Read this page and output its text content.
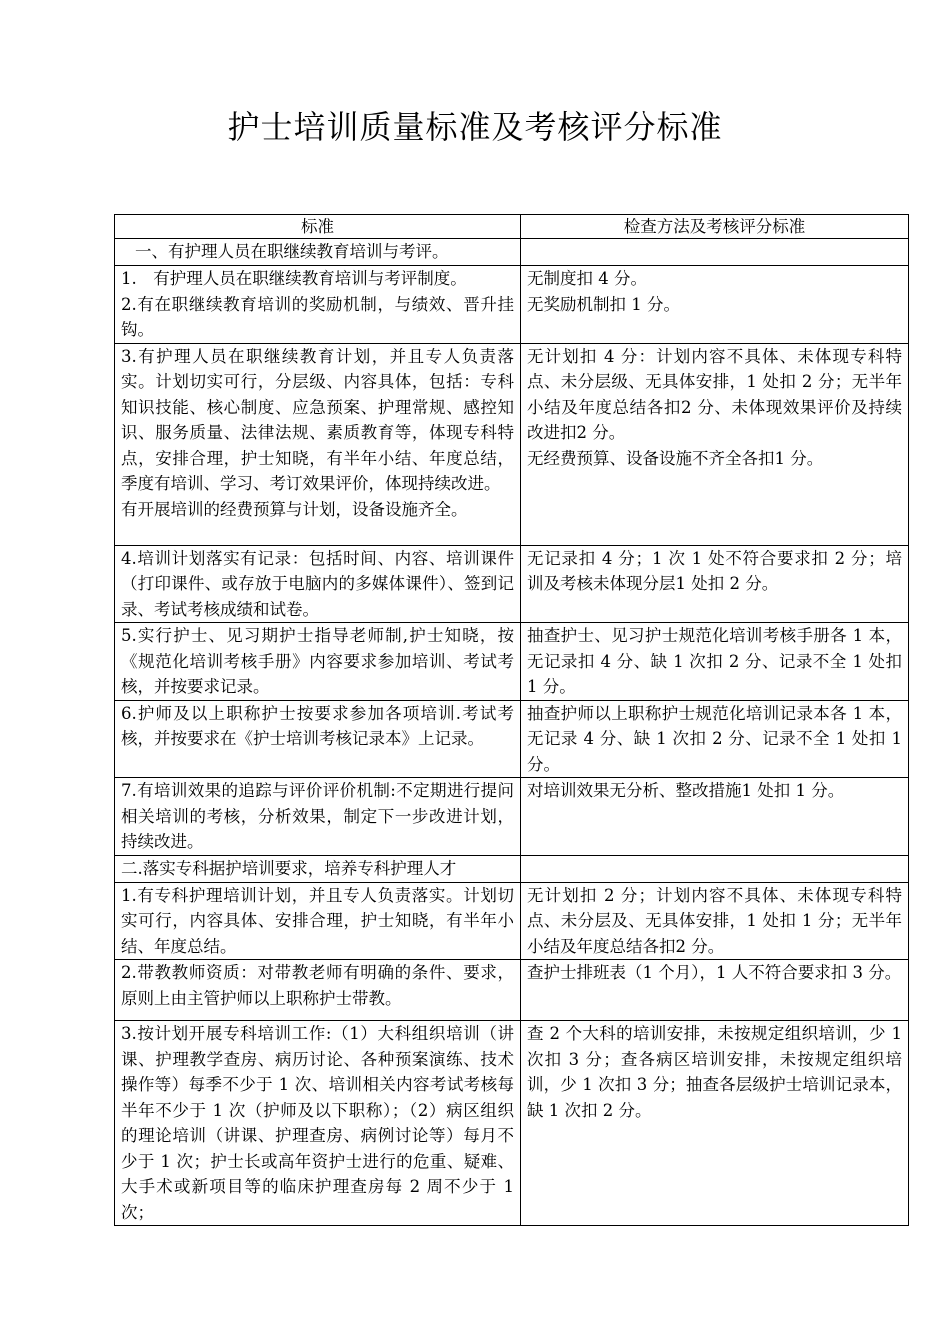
护士培训质量标准及考核评分标准
标准	检查方法及考核评分标准

一、有护理人员在职继续教育培训与考评。	

1.　有护理人员在职继续教育培训与考评制度。
2.有在职继续教育培训的奖励机制，与绩效、晋升挂钩。	无制度扣 4 分。
无奖励机制扣 1 分。

3.有护理人员在职继续教育计划，并且专人负责落实。计划切实可行，分层级、内容具体，包括：专科知识技能、核心制度、应急预案、护理常规、感控知识、服务质量、法律法规、素质教育等，体现专科特点，安排合理，护士知晓，有半年小结、年度总结，季度有培训、学习、考订效果评价，体现持续改进。
有开展培训的经费预算与计划，设备设施齐全。	无计划扣 4 分：计划内容不具体、未体现专科特点、未分层级、无具体安排，1 处扣 2 分；无半年小结及年度总结各扣2 分、未体现效果评价及持续改进扣2 分。
无经费预算、设备设施不齐全各扣1 分。

4.培训计划落实有记录：包括时间、内容、培训课件（打印课件、或存放于电脑内的多媒体课件）、签到记录、考试考核成绩和试卷。	无记录扣 4 分；1 次 1 处不符合要求扣 2 分；培训及考核未体现分层1 处扣 2 分。

5.实行护士、见习期护士指导老师制,护士知晓，按《规范化培训考核手册》内容要求参加培训、考试考核，并按要求记录。	抽查护士、见习护士规范化培训考核手册各 1 本，无记录扣 4 分、缺 1 次扣 2 分、记录不全 1 处扣 1 分。

6.护师及以上职称护士按要求参加各项培训.考试考核，并按要求在《护士培训考核记录本》上记录。	抽查护师以上职称护士规范化培训记录本各 1 本，无记录 4 分、缺 1 次扣 2 分、记录不全 1 处扣 1 分。

7.有培训效果的追踪与评价评价机制:不定期进行提问相关培训的考核，分析效果，制定下一步改进计划，持续改进。	对培训效果无分析、整改措施1 处扣 1 分。

二.落实专科据护培训要求，培养专科护理人才	

1.有专科护理培训计划，并且专人负责落实。计划切实可行，内容具体、安排合理，护士知晓，有半年小结、年度总结。	无计划扣 2 分；计划内容不具体、未体现专科特点、未分层及、无具体安排，1 处扣 1 分；无半年小结及年度总结各扣2 分。

2.带教教师资质：对带教老师有明确的条件、要求，原则上由主管护师以上职称护士带教。	查护士排班表（1 个月），1 人不符合要求扣 3 分。

3.按计划开展专科培训工作:（1）大科组织培训（讲课、护理教学查房、病历讨论、各种预案演练、技术操作等）每季不少于 1 次、培训相关内容考试考核每半年不少于 1 次（护师及以下职称）；（2）病区组织的理论培训（讲课、护理查房、病例讨论等）每月不少于 1 次；护士长或高年资护士进行的危重、疑难、大手术或新项目等的临床护理查房每 2 周不少于 1 次；	查 2 个大科的培训安排，未按规定组织培训，少 1 次扣 3 分；查各病区培训安排，未按规定组织培训，少 1 次扣 3 分；抽查各层级护士培训记录本，缺 1 次扣 2 分。
